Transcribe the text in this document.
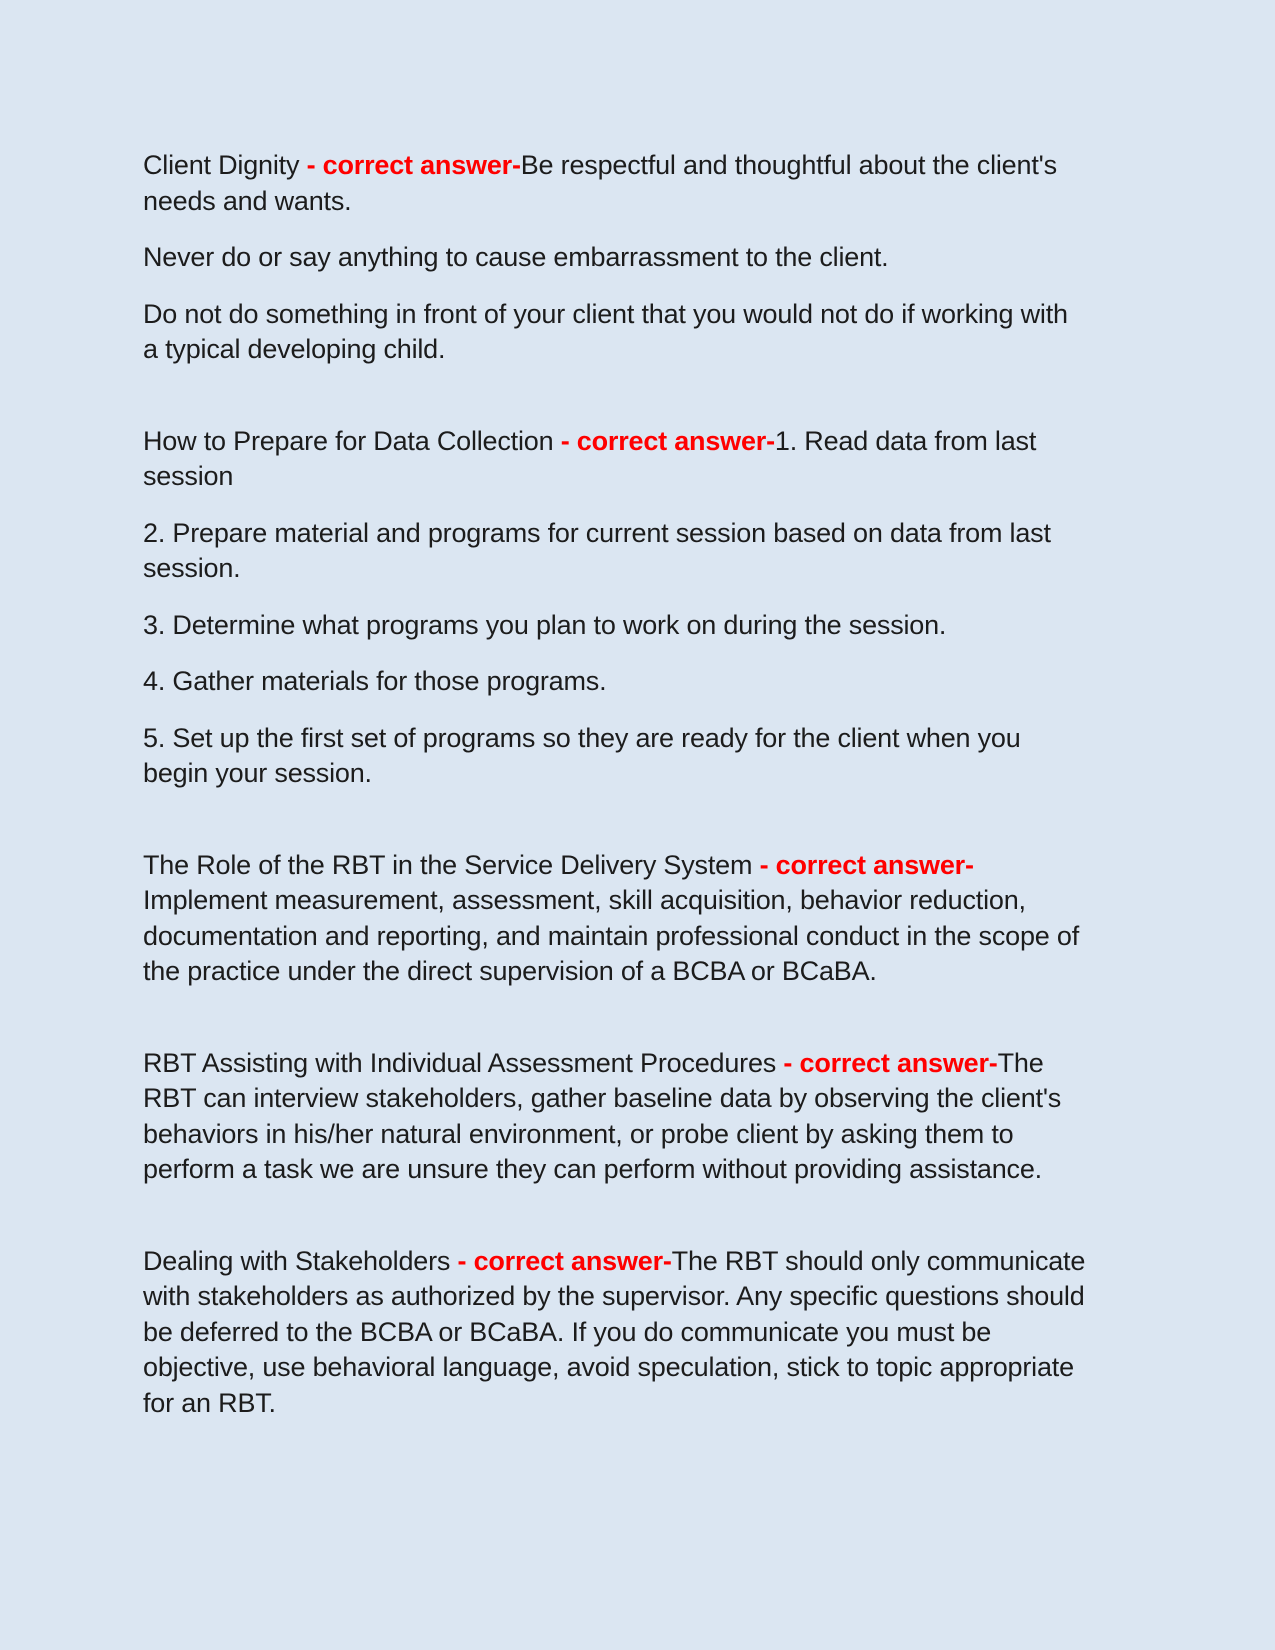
Client Dignity - correct answer-Be respectful and thoughtful about the client's needs and wants.

Never do or say anything to cause embarrassment to the client.

Do not do something in front of your client that you would not do if working with a typical developing child.

How to Prepare for Data Collection - correct answer-1. Read data from last session

2. Prepare material and programs for current session based on data from last session.

3. Determine what programs you plan to work on during the session.

4. Gather materials for those programs.

5. Set up the first set of programs so they are ready for the client when you begin your session.

The Role of the RBT in the Service Delivery System - correct answer-Implement measurement, assessment, skill acquisition, behavior reduction, documentation and reporting, and maintain professional conduct in the scope of the practice under the direct supervision of a BCBA or BCaBA.

RBT Assisting with Individual Assessment Procedures - correct answer-The RBT can interview stakeholders, gather baseline data by observing the client's behaviors in his/her natural environment, or probe client by asking them to perform a task we are unsure they can perform without providing assistance.

Dealing with Stakeholders - correct answer-The RBT should only communicate with stakeholders as authorized by the supervisor. Any specific questions should be deferred to the BCBA or BCaBA. If you do communicate you must be objective, use behavioral language, avoid speculation, stick to topic appropriate for an RBT.
